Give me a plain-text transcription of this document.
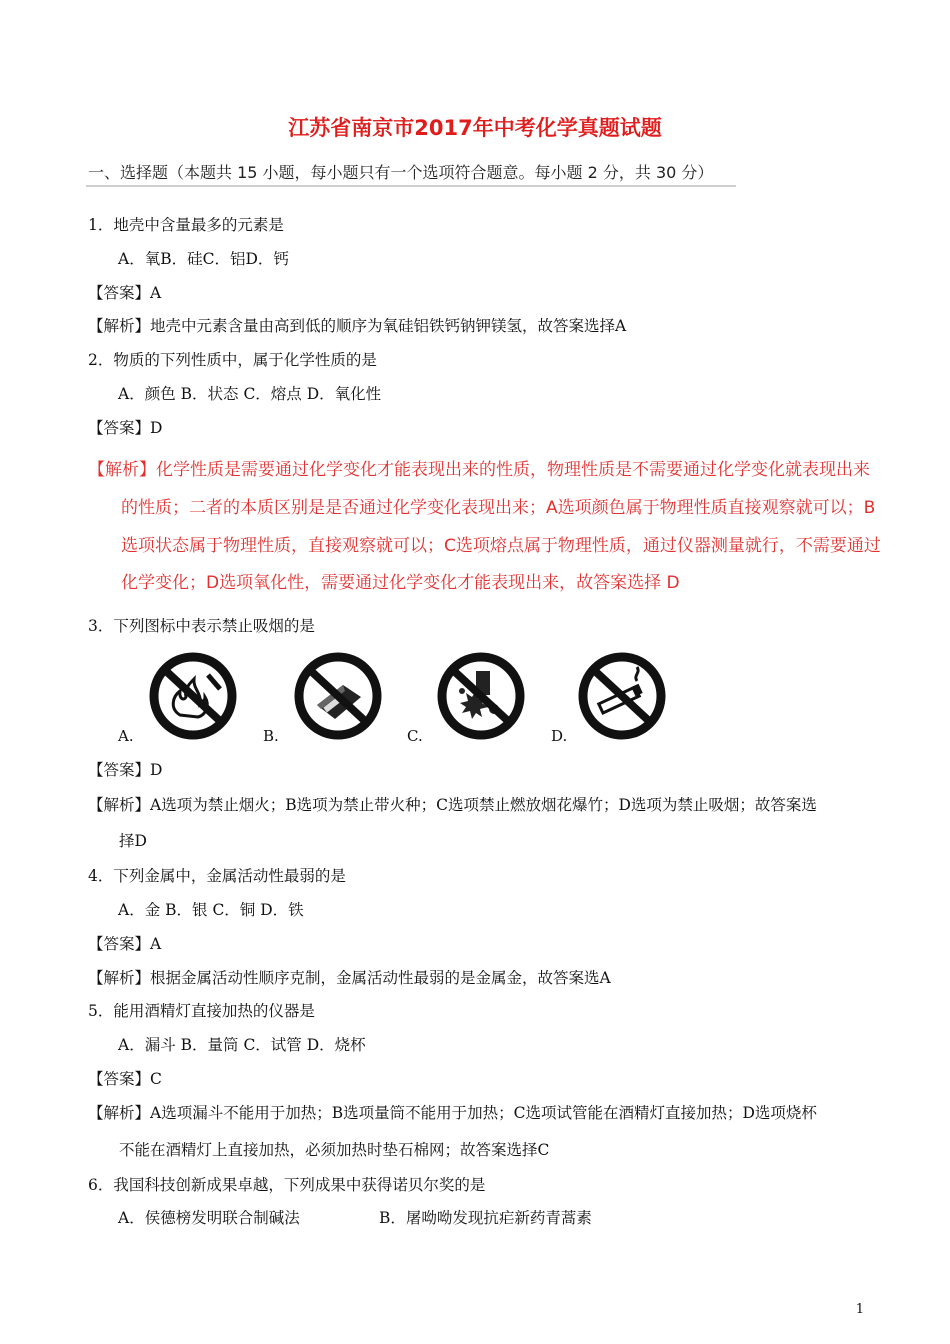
江苏省南京市2017年中考化学真题试题
一、选择题（本题共 15 小题，每小题只有一个选项符合题意。每小题 2 分，共 30 分）
1．地壳中含量最多的元素是
A．氧B．硅C．铝D．钙
【答案】A
【解析】地壳中元素含量由高到低的顺序为氧硅铝铁钙钠钾镁氢，故答案选择A
2．物质的下列性质中，属于化学性质的是
A．颜色 B．状态 C．熔点 D．氧化性
【答案】D
【解析】化学性质是需要通过化学变化才能表现出来的性质，物理性质是不需要通过化学变化就表现出来
的性质；二者的本质区别是是否通过化学变化表现出来；A选项颜色属于物理性质直接观察就可以；B
选项状态属于物理性质，直接观察就可以；C选项熔点属于物理性质，通过仪器测量就行，不需要通过
化学变化；D选项氧化性，需要通过化学变化才能表现出来，故答案选择 D
3．下列图标中表示禁止吸烟的是
A.	B.	C.	D.
【答案】D
【解析】A选项为禁止烟火；B选项为禁止带火种；C选项禁止燃放烟花爆竹；D选项为禁止吸烟；故答案选
择D
4．下列金属中，金属活动性最弱的是
A．金 B．银 C．铜 D．铁
【答案】A
【解析】根据金属活动性顺序克制，金属活动性最弱的是金属金，故答案选A
5．能用酒精灯直接加热的仪器是
A．漏斗 B．量筒 C．试管 D．烧杯
【答案】C
【解析】A选项漏斗不能用于加热；B选项量筒不能用于加热；C选项试管能在酒精灯直接加热；D选项烧杯
不能在酒精灯上直接加热，必须加热时垫石棉网；故答案选择C
6．我国科技创新成果卓越，下列成果中获得诺贝尔奖的是
A．侯德榜发明联合制碱法	B．屠呦呦发现抗疟新药青蒿素
1
